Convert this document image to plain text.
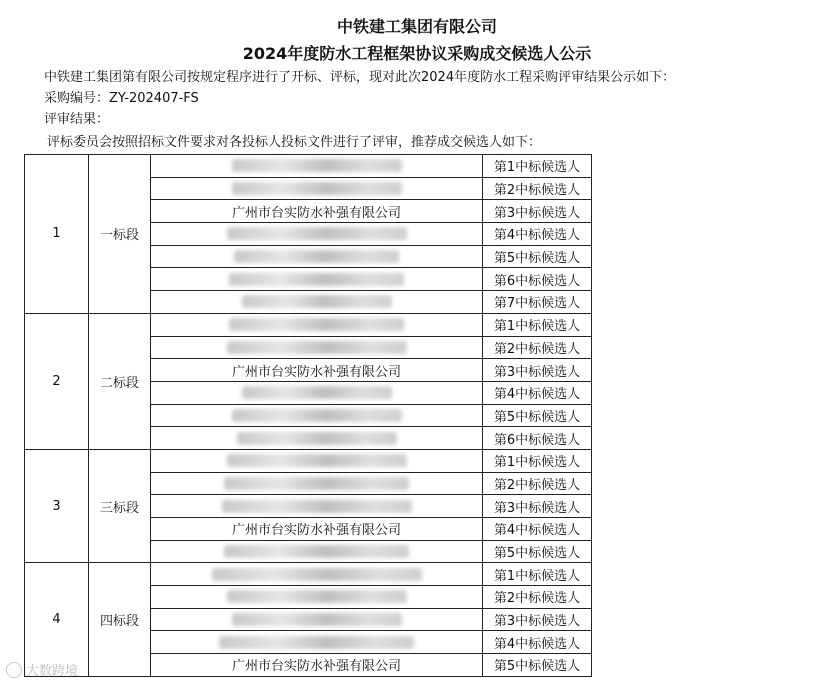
中铁建工集团有限公司
2024年度防水工程框架协议采购成交候选人公示
中铁建工集团第有限公司按规定程序进行了开标、评标，现对此次2024年度防水工程采购评审结果公示如下：
采购编号：ZY-202407-FS
评审结果：
评标委员会按照招标文件要求对各投标人投标文件进行了评审，推荐成交候选人如下：
1	一标段		第1中标候选人
			第2中标候选人
		广州市台实防水补强有限公司	第3中标候选人
			第4中标候选人
			第5中标候选人
			第6中标候选人
			第7中标候选人
2	二标段		第1中标候选人
			第2中标候选人
		广州市台实防水补强有限公司	第3中标候选人
			第4中标候选人
			第5中标候选人
			第6中标候选人
3	三标段		第1中标候选人
			第2中标候选人
			第3中标候选人
		广州市台实防水补强有限公司	第4中标候选人
			第5中标候选人
4	四标段		第1中标候选人
			第2中标候选人
			第3中标候选人
			第4中标候选人
		广州市台实防水补强有限公司	第5中标候选人
大数跨境
